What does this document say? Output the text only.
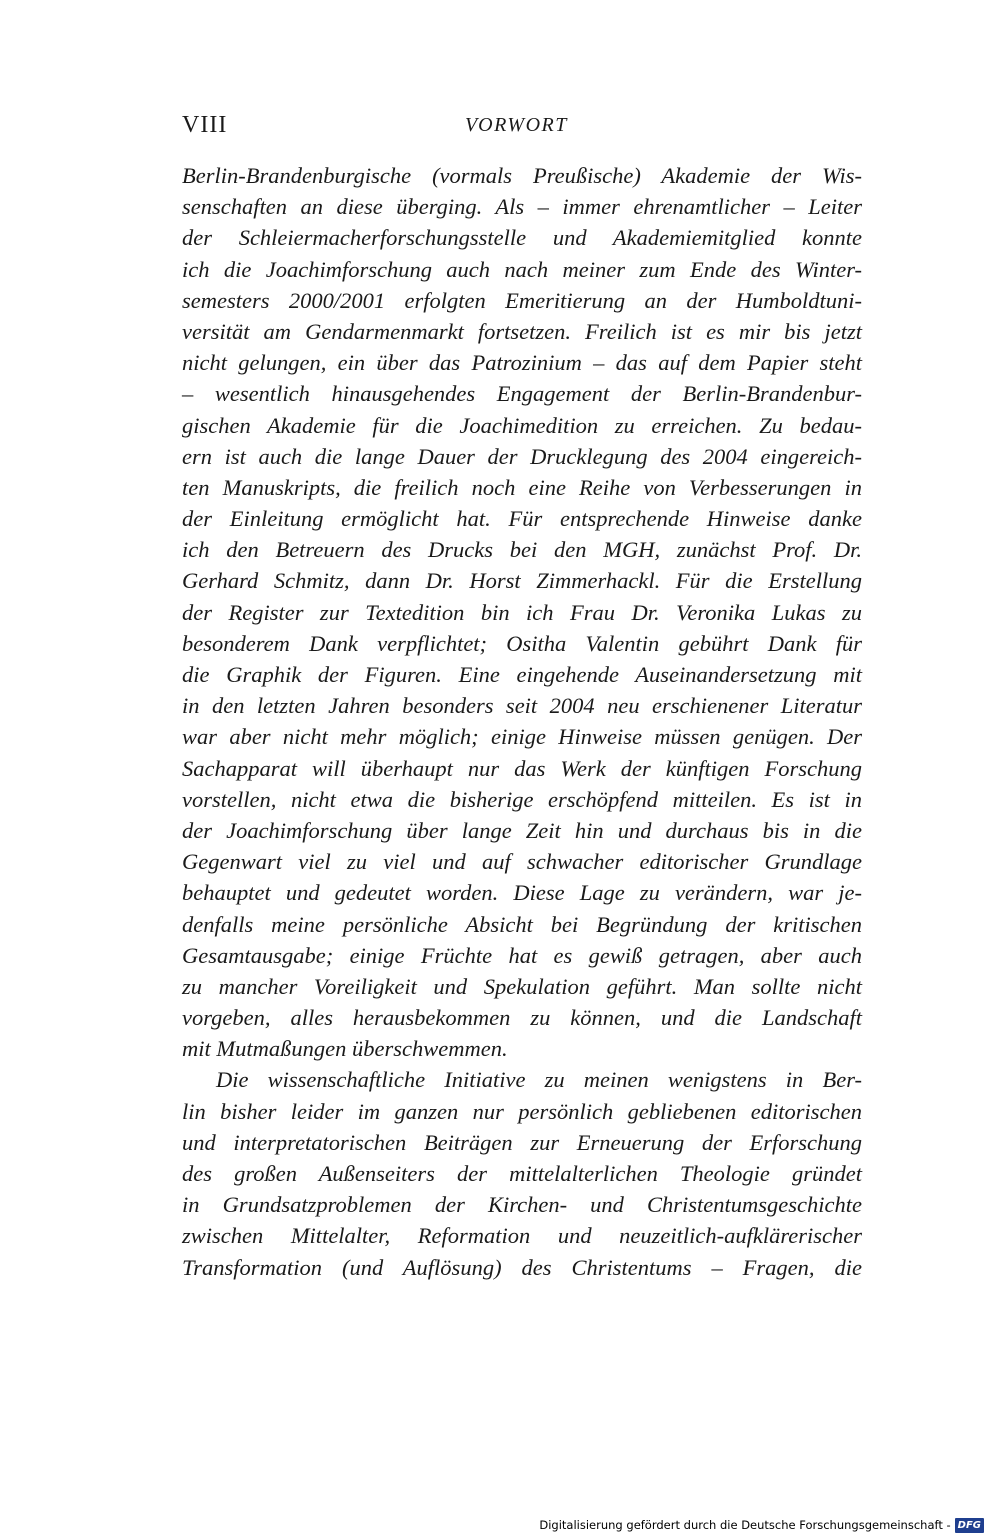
VIII	VORWORT
Berlin-Brandenburgische (vormals Preußische) Akademie der Wis-
senschaften an diese überging. Als – immer ehrenamtlicher – Leiter
der Schleiermacherforschungsstelle und Akademiemitglied konnte
ich die Joachimforschung auch nach meiner zum Ende des Winter-
semesters 2000/2001 erfolgten Emeritierung an der Humboldtuni-
versität am Gendarmenmarkt fortsetzen. Freilich ist es mir bis jetzt
nicht gelungen, ein über das Patrozinium – das auf dem Papier steht
– wesentlich hinausgehendes Engagement der Berlin-Brandenbur-
gischen Akademie für die Joachimedition zu erreichen. Zu bedau-
ern ist auch die lange Dauer der Drucklegung des 2004 eingereich-
ten Manuskripts, die freilich noch eine Reihe von Verbesserungen in
der Einleitung ermöglicht hat. Für entsprechende Hinweise danke
ich den Betreuern des Drucks bei den MGH, zunächst Prof. Dr.
Gerhard Schmitz, dann Dr. Horst Zimmerhackl. Für die Erstellung
der Register zur Textedition bin ich Frau Dr. Veronika Lukas zu
besonderem Dank verpflichtet; Ositha Valentin gebührt Dank für
die Graphik der Figuren. Eine eingehende Auseinandersetzung mit
in den letzten Jahren besonders seit 2004 neu erschienener Literatur
war aber nicht mehr möglich; einige Hinweise müssen genügen. Der
Sachapparat will überhaupt nur das Werk der künftigen Forschung
vorstellen, nicht etwa die bisherige erschöpfend mitteilen. Es ist in
der Joachimforschung über lange Zeit hin und durchaus bis in die
Gegenwart viel zu viel und auf schwacher editorischer Grundlage
behauptet und gedeutet worden. Diese Lage zu verändern, war je-
denfalls meine persönliche Absicht bei Begründung der kritischen
Gesamtausgabe; einige Früchte hat es gewiß getragen, aber auch
zu mancher Voreiligkeit und Spekulation geführt. Man sollte nicht
vorgeben, alles herausbekommen zu können, und die Landschaft
mit Mutmaßungen überschwemmen.
Die wissenschaftliche Initiative zu meinen wenigstens in Ber-
lin bisher leider im ganzen nur persönlich gebliebenen editorischen
und interpretatorischen Beiträgen zur Erneuerung der Erforschung
des großen Außenseiters der mittelalterlichen Theologie gründet
in Grundsatzproblemen der Kirchen- und Christentumsgeschichte
zwischen Mittelalter, Reformation und neuzeitlich-aufklärerischer
Transformation (und Auflösung) des Christentums – Fragen, die
Digitalisierung gefördert durch die Deutsche Forschungsgemeinschaft - DFG
